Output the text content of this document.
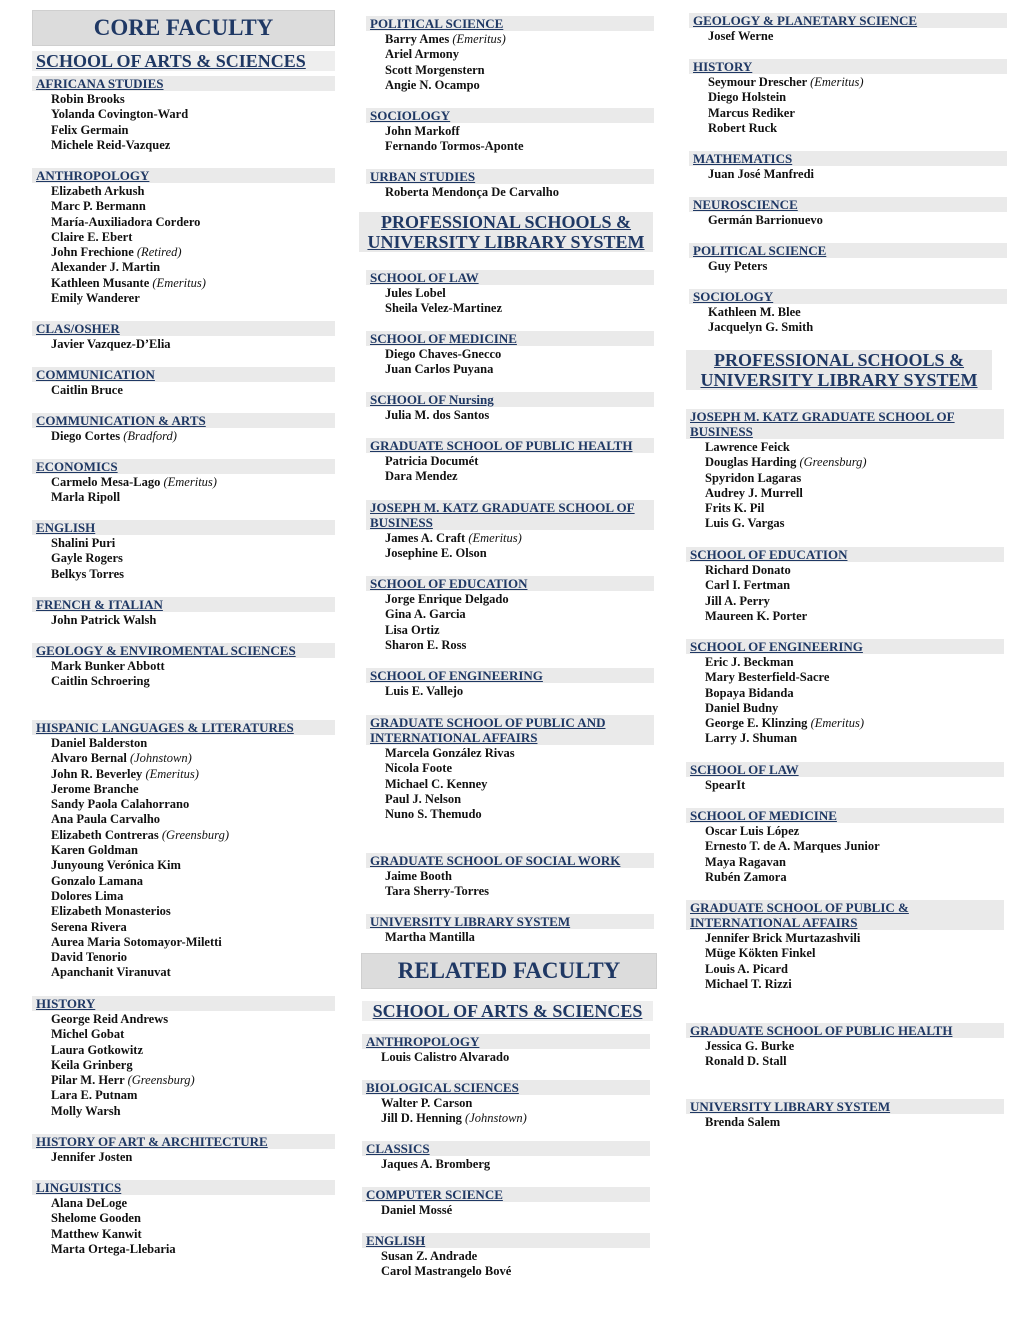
CORE FACULTY
SCHOOL OF ARTS & SCIENCES
AFRICANA STUDIES
Robin Brooks
Yolanda Covington-Ward
Felix Germain
Michele Reid-Vazquez
ANTHROPOLOGY
Elizabeth Arkush
Marc P. Bermann
María-Auxiliadora Cordero
Claire E. Ebert
John Frechione (Retired)
Alexander J. Martin
Kathleen Musante (Emeritus)
Emily Wanderer
CLAS/OSHER
Javier Vazquez-D’Elia
COMMUNICATION
Caitlin Bruce
COMMUNICATION & ARTS
Diego Cortes (Bradford)
ECONOMICS
Carmelo Mesa-Lago (Emeritus)
Marla Ripoll
ENGLISH
Shalini Puri
Gayle Rogers
Belkys Torres
FRENCH & ITALIAN
John Patrick Walsh
GEOLOGY & ENVIROMENTAL SCIENCES
Mark Bunker Abbott
Caitlin Schroering
HISPANIC LANGUAGES & LITERATURES
Daniel Balderston
Alvaro Bernal (Johnstown)
John R. Beverley (Emeritus)
Jerome Branche
Sandy Paola Calahorrano
Ana Paula Carvalho
Elizabeth Contreras (Greensburg)
Karen Goldman
Junyoung Verónica Kim
Gonzalo Lamana
Dolores Lima
Elizabeth Monasterios
Serena Rivera
Aurea Maria Sotomayor-Miletti
David Tenorio
Apanchanit Viranuvat
HISTORY
George Reid Andrews
Michel Gobat
Laura Gotkowitz
Keila Grinberg
Pilar M. Herr (Greensburg)
Lara E. Putnam
Molly Warsh
HISTORY OF ART & ARCHITECTURE
Jennifer Josten
LINGUISTICS
Alana DeLoge
Shelome Gooden
Matthew Kanwit
Marta Ortega-Llebaria
POLITICAL SCIENCE
Barry Ames (Emeritus)
Ariel Armony
Scott Morgenstern
Angie N. Ocampo
SOCIOLOGY
John Markoff
Fernando Tormos-Aponte
URBAN STUDIES
Roberta Mendonça De Carvalho
PROFESSIONAL SCHOOLS &
UNIVERSITY LIBRARY SYSTEM
SCHOOL OF LAW
Jules Lobel
Sheila Velez-Martinez
SCHOOL OF MEDICINE
Diego Chaves-Gnecco
Juan Carlos Puyana
SCHOOL OF Nursing
Julia M. dos Santos
GRADUATE SCHOOL OF PUBLIC HEALTH
Patricia Documét
Dara Mendez
JOSEPH M. KATZ GRADUATE SCHOOL OF BUSINESS
James A. Craft (Emeritus)
Josephine E. Olson
SCHOOL OF EDUCATION
Jorge Enrique Delgado
Gina A. Garcia
Lisa Ortiz
Sharon E. Ross
SCHOOL OF ENGINEERING
Luis E. Vallejo
GRADUATE SCHOOL OF PUBLIC AND INTERNATIONAL AFFAIRS
Marcela González Rivas
Nicola Foote
Michael C. Kenney
Paul J. Nelson
Nuno S. Themudo
GRADUATE SCHOOL OF SOCIAL WORK
Jaime Booth
Tara Sherry-Torres
UNIVERSITY LIBRARY SYSTEM
Martha Mantilla
RELATED FACULTY
SCHOOL OF ARTS & SCIENCES
ANTHROPOLOGY
Louis Calistro Alvarado
BIOLOGICAL SCIENCES
Walter P. Carson
Jill D. Henning (Johnstown)
CLASSICS
Jaques A. Bromberg
COMPUTER SCIENCE
Daniel Mossé
ENGLISH
Susan Z. Andrade
Carol Mastrangelo Bové
GEOLOGY & PLANETARY SCIENCE
Josef Werne
HISTORY
Seymour Drescher (Emeritus)
Diego Holstein
Marcus Rediker
Robert Ruck
MATHEMATICS
Juan José Manfredi
NEUROSCIENCE
Germán Barrionuevo
POLITICAL SCIENCE
Guy Peters
SOCIOLOGY
Kathleen M. Blee
Jacquelyn G. Smith
PROFESSIONAL SCHOOLS &
UNIVERSITY LIBRARY SYSTEM
JOSEPH M. KATZ GRADUATE SCHOOL OF BUSINESS
Lawrence Feick
Douglas Harding (Greensburg)
Spyridon Lagaras
Audrey J. Murrell
Frits K. Pil
Luis G. Vargas
SCHOOL OF EDUCATION
Richard Donato
Carl I. Fertman
Jill A. Perry
Maureen K. Porter
SCHOOL OF ENGINEERING
Eric J. Beckman
Mary Besterfield-Sacre
Bopaya Bidanda
Daniel Budny
George E. Klinzing (Emeritus)
Larry J. Shuman
SCHOOL OF LAW
SpearIt
SCHOOL OF MEDICINE
Oscar Luis López
Ernesto T. de A. Marques Junior
Maya Ragavan
Rubén Zamora
GRADUATE SCHOOL OF PUBLIC & INTERNATIONAL AFFAIRS
Jennifer Brick Murtazashvili
Müge Kökten Finkel
Louis A. Picard
Michael T. Rizzi
GRADUATE SCHOOL OF PUBLIC HEALTH
Jessica G. Burke
Ronald D. Stall
UNIVERSITY LIBRARY SYSTEM
Brenda Salem
